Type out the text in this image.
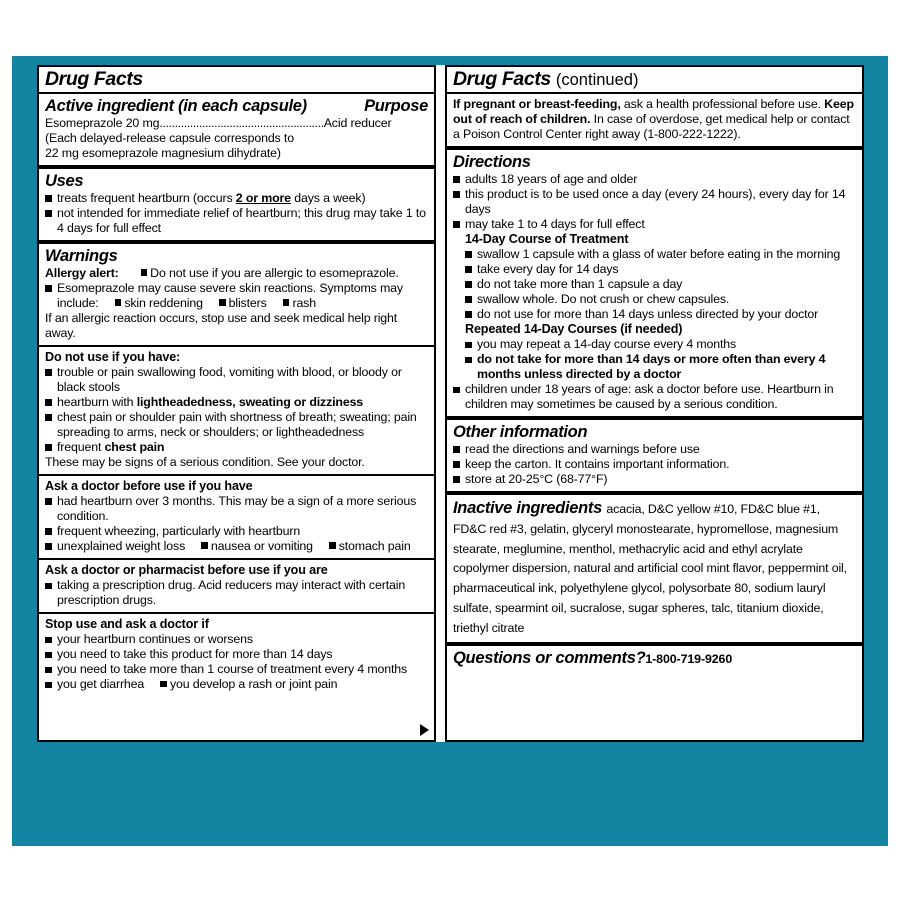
Drug Facts
Active ingredient (in each capsule)	Purpose
Esomeprazole 20 mg......................................................Acid reducer
(Each delayed-release capsule corresponds to
22 mg esomeprazole magnesium dihydrate)
Uses
treats frequent heartburn (occurs 2 or more days a week)
not intended for immediate relief of heartburn; this drug may take 1 to 4 days for full effect
Warnings
Allergy alert:	Do not use if you are allergic to esomeprazole.
Esomeprazole may cause severe skin reactions. Symptoms may include: skin reddening blisters rash
If an allergic reaction occurs, stop use and seek medical help right away.
Do not use if you have:
trouble or pain swallowing food, vomiting with blood, or bloody or black stools
heartburn with lightheadedness, sweating or dizziness
chest pain or shoulder pain with shortness of breath; sweating; pain spreading to arms, neck or shoulders; or lightheadedness
frequent chest pain
These may be signs of a serious condition. See your doctor.
Ask a doctor before use if you have
had heartburn over 3 months. This may be a sign of a more serious condition.
frequent wheezing, particularly with heartburn
unexplained weight loss nausea or vomiting stomach pain
Ask a doctor or pharmacist before use if you are
taking a prescription drug. Acid reducers may interact with certain prescription drugs.
Stop use and ask a doctor if
your heartburn continues or worsens
you need to take this product for more than 14 days
you need to take more than 1 course of treatment every 4 months
you get diarrhea you develop a rash or joint pain
Drug Facts (continued)
If pregnant or breast-feeding, ask a health professional before use. Keep out of reach of children. In case of overdose, get medical help or contact a Poison Control Center right away (1-800-222-1222).
Directions
adults 18 years of age and older
this product is to be used once a day (every 24 hours), every day for 14 days
may take 1 to 4 days for full effect
14-Day Course of Treatment
swallow 1 capsule with a glass of water before eating in the morning
take every day for 14 days
do not take more than 1 capsule a day
swallow whole. Do not crush or chew capsules.
do not use for more than 14 days unless directed by your doctor
Repeated 14-Day Courses (if needed)
you may repeat a 14-day course every 4 months
do not take for more than 14 days or more often than every 4 months unless directed by a doctor
children under 18 years of age: ask a doctor before use. Heartburn in children may sometimes be caused by a serious condition.
Other information
read the directions and warnings before use
keep the carton. It contains important information.
store at 20-25°C (68-77°F)
Inactive ingredients acacia, D&C yellow #10, FD&C blue #1, FD&C red #3, gelatin, glyceryl monostearate, hypromellose, magnesium stearate, meglumine, menthol, methacrylic acid and ethyl acrylate copolymer dispersion, natural and artificial cool mint flavor, peppermint oil, pharmaceutical ink, polyethylene glycol, polysorbate 80, sodium lauryl sulfate, spearmint oil, sucralose, sugar spheres, talc, titanium dioxide, triethyl citrate
Questions or comments?1-800-719-9260
